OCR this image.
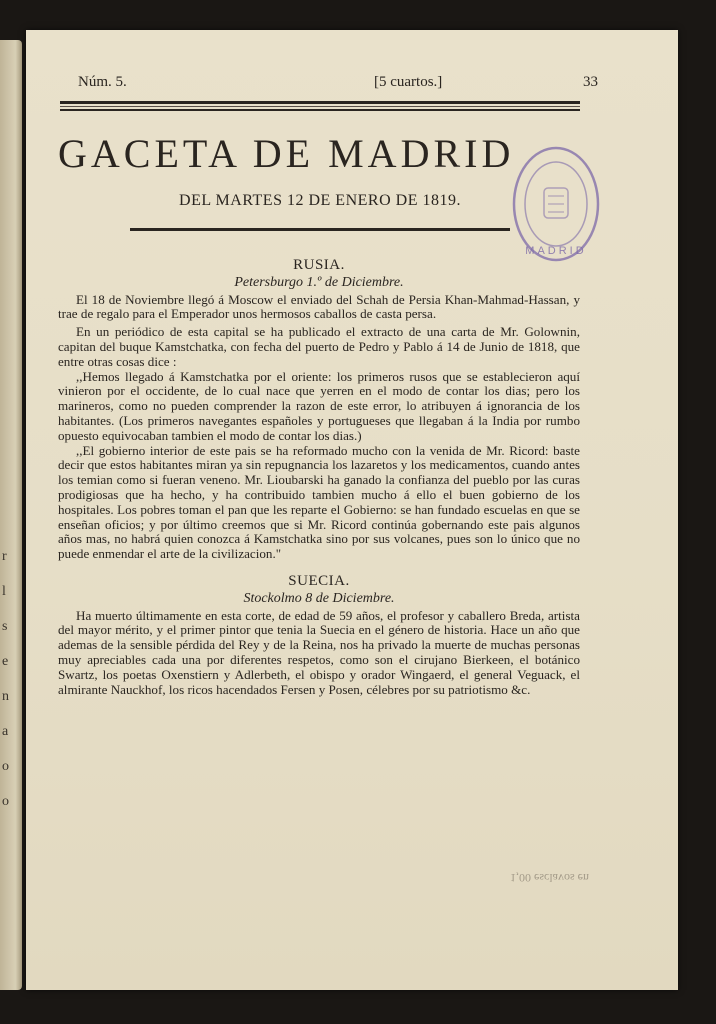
r
l
s
e
n
a
o
o
Núm. 5.	[5 cuartos.]	33
GACETA DE MADRID
DEL MARTES 12 DE ENERO DE 1819.
MADRID
RUSIA.
Petersburgo 1.º de Diciembre.

El 18 de Noviembre llegó á Moscow el enviado del Schah de Persia Khan-Mahmad-Hassan, y trae de regalo para el Emperador unos hermosos caballos de casta persa.

En un periódico de esta capital se ha publicado el extracto de una carta de Mr. Golownin, capitan del buque Kamstchatka, con fecha del puerto de Pedro y Pablo á 14 de Junio de 1818, que entre otras cosas dice :

,,Hemos llegado á Kamstchatka por el oriente: los primeros rusos que se establecieron aquí vinieron por el occidente, de lo cual nace que yerren en el modo de contar los dias; pero los marineros, como no pueden comprender la razon de este error, lo atribuyen á ignorancia de los habitantes. (Los primeros navegantes españoles y portugueses que llegaban á la India por rumbo opuesto equivocaban tambien el modo de contar los dias.)

,,El gobierno interior de este pais se ha reformado mucho con la venida de Mr. Ricord: baste decir que estos habitantes miran ya sin repugnancia los lazaretos y los medicamentos, cuando antes los temian como si fueran veneno. Mr. Lioubarski ha ganado la confianza del pueblo por las curas prodigiosas que ha hecho, y ha contribuido tambien mucho á ello el buen gobierno de los hospitales. Los pobres toman el pan que les reparte el Gobierno: se han fundado escuelas en que se enseñan oficios; y por último creemos que si Mr. Ricord continúa gobernando este pais algunos años mas, no habrá quien conozca á Kamstchatka sino por sus volcanes, pues son lo único que no puede enmendar el arte de la civilizacion."

SUECIA.
Stockolmo 8 de Diciembre.

Ha muerto últimamente en esta corte, de edad de 59 años, el profesor y caballero Breda, artista del mayor mérito, y el primer pintor que tenia la Suecia en el género de historia. Hace un año que ademas de la sensible pérdida del Rey y de la Reina, nos ha privado la muerte de muchas personas muy apreciables cada una por diferentes respetos, como son el cirujano Bierkeen, el botánico Swartz, los poetas Oxenstiern y Adlerbeth, el obispo y orador Wingaerd, el general Veguack, el almirante Nauckhof, los ricos hacendados Fersen y Posen, célebres por su patriotismo &c.

1,00 esclavos en
